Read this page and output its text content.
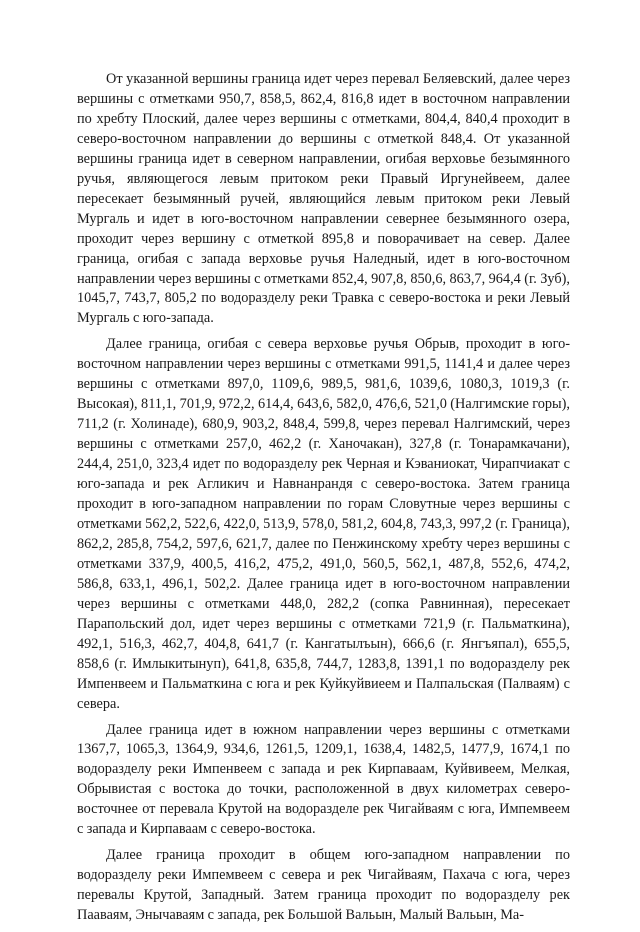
От указанной вершины граница идет через перевал Беляевский, далее через вершины с отметками 950,7, 858,5, 862,4, 816,8 идет в восточном направлении по хребту Плоский, далее через вершины с отметками, 804,4, 840,4 проходит в северо-восточном направлении до вершины с отметкой 848,4. От указанной вершины граница идет в северном направлении, огибая верховье безымянного ручья, являющегося левым притоком реки Правый Иргунейвеем, далее пересекает безымянный ручей, являющийся левым притоком реки Левый Мургаль и идет в юго-восточном направлении севернее безымянного озера, проходит через вершину с отметкой 895,8 и поворачивает на север. Далее граница, огибая с запада верховье ручья Наледный, идет в юго-восточном направлении через вершины с отметками 852,4, 907,8, 850,6, 863,7, 964,4 (г. Зуб), 1045,7, 743,7, 805,2 по водоразделу реки Травка с северо-востока и реки Левый Мургаль с юго-запада.

Далее граница, огибая с севера верховье ручья Обрыв, проходит в юго-восточном направлении через вершины с отметками 991,5, 1141,4 и далее через вершины с отметками 897,0, 1109,6, 989,5, 981,6, 1039,6, 1080,3, 1019,3 (г. Высокая), 811,1, 701,9, 972,2, 614,4, 643,6, 582,0, 476,6, 521,0 (Налгимские горы), 711,2 (г. Холинаде), 680,9, 903,2, 848,4, 599,8, через перевал Налгимский, через вершины с отметками 257,0, 462,2 (г. Ханочакан), 327,8 (г. Тонарамкачани), 244,4, 251,0, 323,4 идет по водоразделу рек Черная и Кэваниокат, Чирапчиакат с юго-запада и рек Агликич и Навнанрандя с северо-востока. Затем граница проходит в юго-западном направлении по горам Словутные через вершины с отметками 562,2, 522,6, 422,0, 513,9, 578,0, 581,2, 604,8, 743,3, 997,2 (г. Граница), 862,2, 285,8, 754,2, 597,6, 621,7, далее по Пенжинскому хребту через вершины с отметками 337,9, 400,5, 416,2, 475,2, 491,0, 560,5, 562,1, 487,8, 552,6, 474,2, 586,8, 633,1, 496,1, 502,2. Далее граница идет в юго-восточном направлении через вершины с отметками 448,0, 282,2 (сопка Равнинная), пересекает Парапольский дол, идет через вершины с отметками 721,9 (г. Пальматкина), 492,1, 516,3, 462,7, 404,8, 641,7 (г. Кангатылъын), 666,6 (г. Янгъяпал), 655,5, 858,6 (г. Имлыкитынуп), 641,8, 635,8, 744,7, 1283,8, 1391,1 по водоразделу рек Импенвеем и Пальматкина с юга и рек Куйкуйвиеем и Палпальская (Палваям) с севера.

Далее граница идет в южном направлении через вершины с отметками 1367,7, 1065,3, 1364,9, 934,6, 1261,5, 1209,1, 1638,4, 1482,5, 1477,9, 1674,1 по водоразделу реки Импенвеем с запада и рек Кирпаваам, Куйвивеем, Мелкая, Обрывистая с востока до точки, расположенной в двух километрах северо-восточнее от перевала Крутой на водоразделе рек Чигайваям с юга, Импемвеем с запада и Кирпаваам с северо-востока.

Далее граница проходит в общем юго-западном направлении по водоразделу реки Импемвеем с севера и рек Чигайваям, Пахача с юга, через перевалы Крутой, Западный. Затем граница проходит по водоразделу рек Пааваям, Энычаваям с запада, рек Большой Вальын, Малый Вальын, Ма-
